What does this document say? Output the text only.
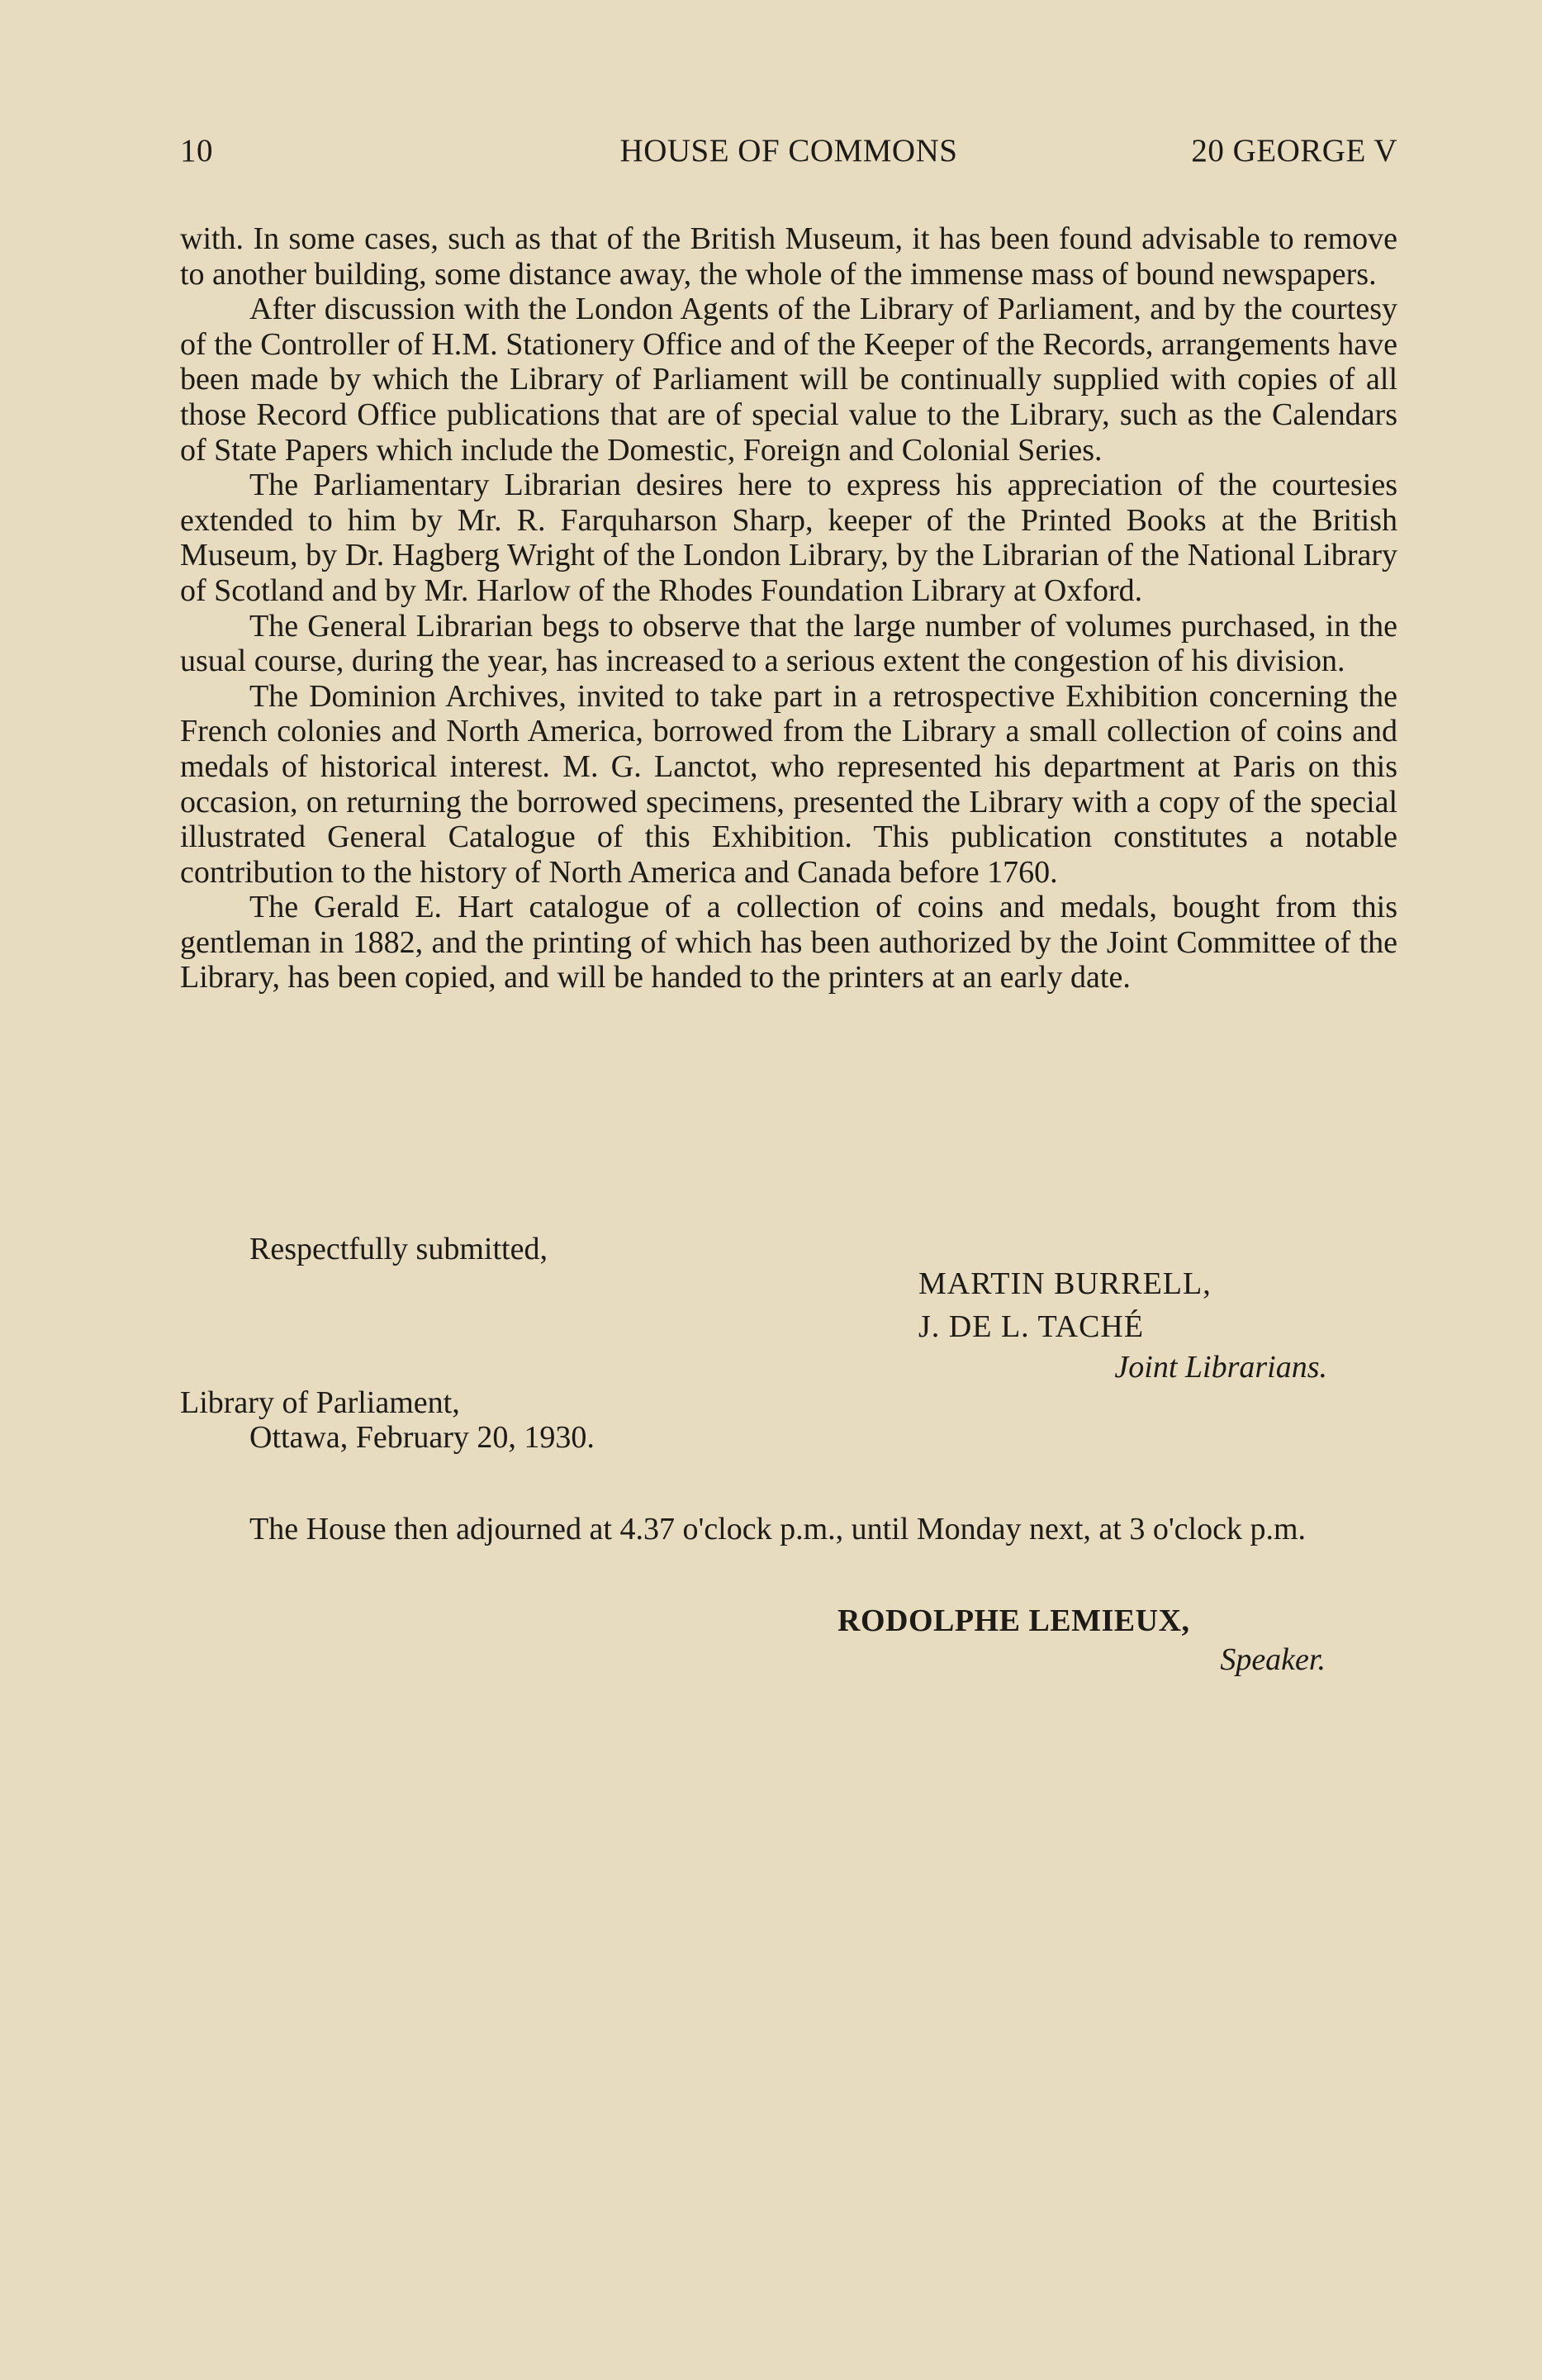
10	HOUSE OF COMMONS	20 GEORGE V

with. In some cases, such as that of the British Museum, it has been found advisable to remove to another building, some distance away, the whole of the immense mass of bound newspapers.

After discussion with the London Agents of the Library of Parliament, and by the courtesy of the Controller of H.M. Stationery Office and of the Keeper of the Records, arrangements have been made by which the Library of Parliament will be continually supplied with copies of all those Record Office publications that are of special value to the Library, such as the Calendars of State Papers which include the Domestic, Foreign and Colonial Series.

The Parliamentary Librarian desires here to express his appreciation of the courtesies extended to him by Mr. R. Farquharson Sharp, keeper of the Printed Books at the British Museum, by Dr. Hagberg Wright of the London Library, by the Librarian of the National Library of Scotland and by Mr. Harlow of the Rhodes Foundation Library at Oxford.

The General Librarian begs to observe that the large number of volumes purchased, in the usual course, during the year, has increased to a serious extent the congestion of his division.

The Dominion Archives, invited to take part in a retrospective Exhibition concerning the French colonies and North America, borrowed from the Library a small collection of coins and medals of historical interest. M. G. Lanctot, who represented his department at Paris on this occasion, on returning the borrowed specimens, presented the Library with a copy of the special illustrated General Catalogue of this Exhibition. This publication constitutes a notable contribution to the history of North America and Canada before 1760.

The Gerald E. Hart catalogue of a collection of coins and medals, bought from this gentleman in 1882, and the printing of which has been authorized by the Joint Committee of the Library, has been copied, and will be handed to the printers at an early date.

Respectfully submitted,
MARTIN BURRELL,
J. DE L. TACHÉ
Joint Librarians.
Library of Parliament,
Ottawa, February 20, 1930.

The House then adjourned at 4.37 o'clock p.m., until Monday next, at 3 o'clock p.m.

RODOLPHE LEMIEUX,
Speaker.
